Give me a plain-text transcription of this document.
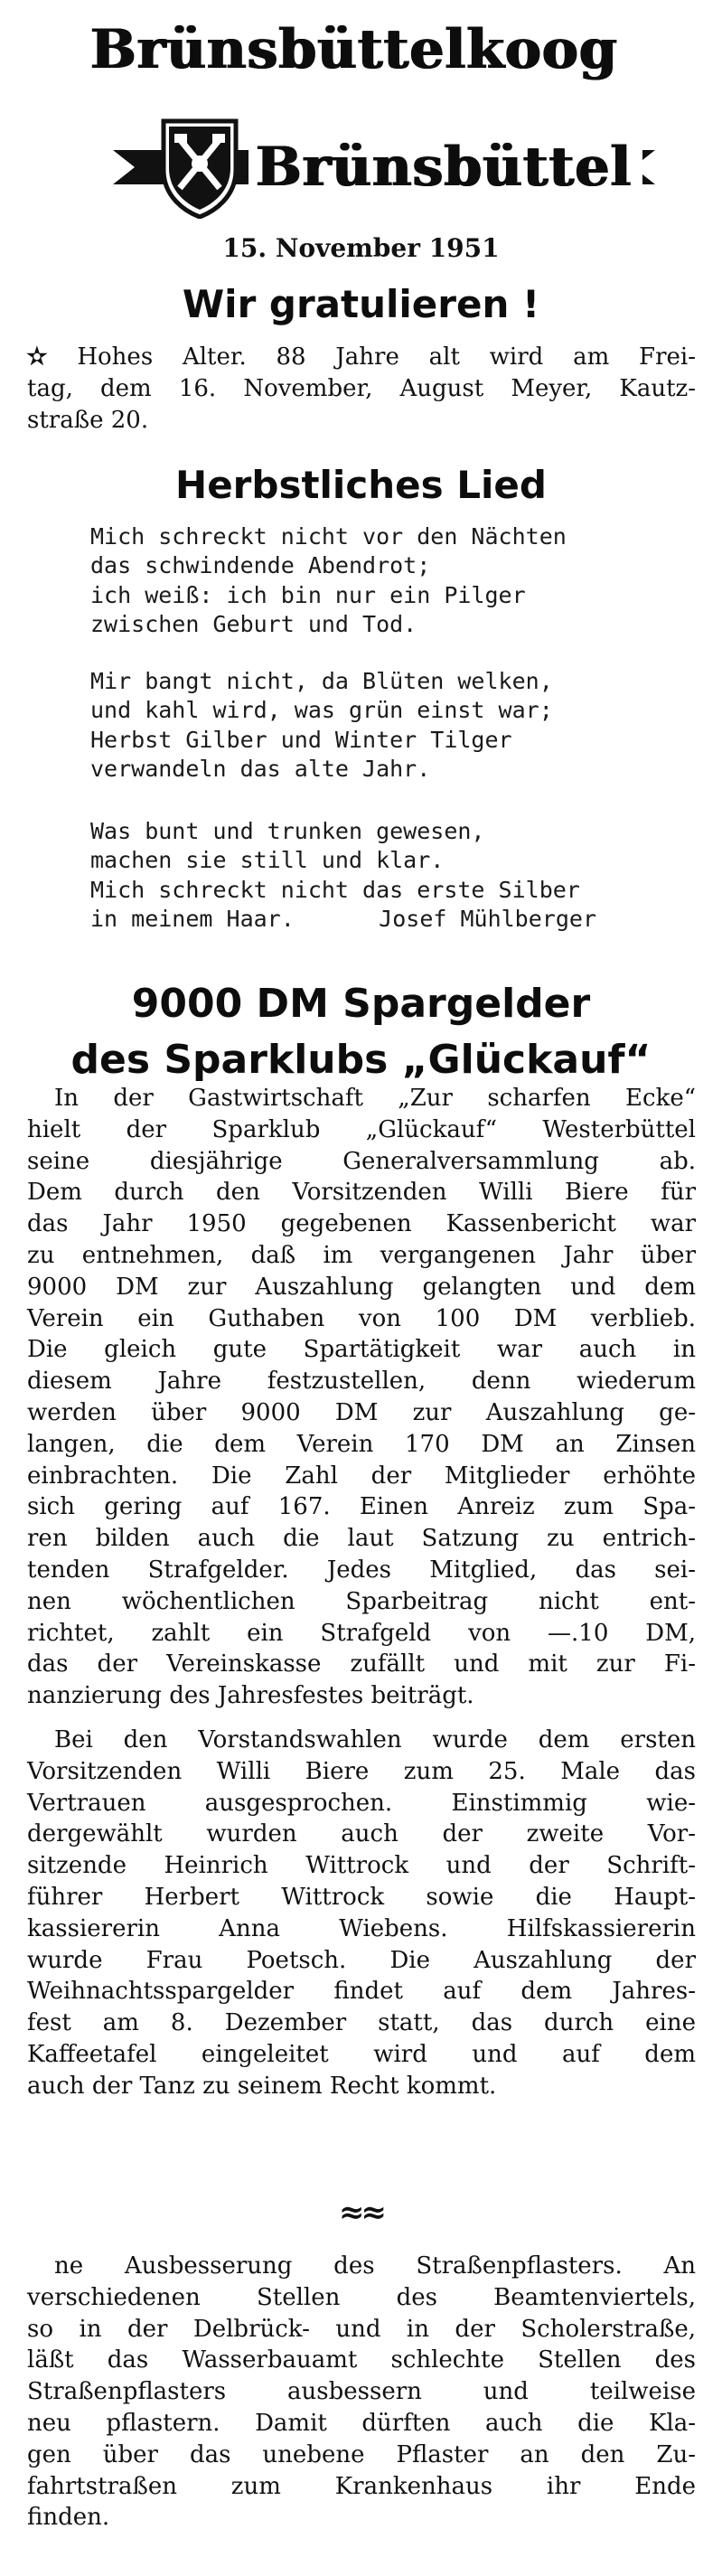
Brünsbüttelkoog
Brünsbüttel
15. November 1951
Wir gratulieren !
✫ Hohes Alter. 88 Jahre alt wird am Frei-
tag, dem 16. November, August Meyer, Kautz-
straße 20.
Herbstliches Lied
Mich schreckt nicht vor den Nächten
das schwindende Abendrot;
ich weiß: ich bin nur ein Pilger
zwischen Geburt und Tod.
Mir bangt nicht, da Blüten welken,
und kahl wird, was grün einst war;
Herbst Gilber und Winter Tilger
verwandeln das alte Jahr.
Was bunt und trunken gewesen,
machen sie still und klar.
Mich schreckt nicht das erste Silber
in meinem Haar.	Josef Mühlberger
9000 DM Spargelder
des Sparklubs „Glückauf“
In der Gastwirtschaft „Zur scharfen Ecke“
hielt der Sparklub „Glückauf“ Westerbüttel
seine diesjährige Generalversammlung ab.
Dem durch den Vorsitzenden Willi Biere für
das Jahr 1950 gegebenen Kassenbericht war
zu entnehmen, daß im vergangenen Jahr über
9000 DM zur Auszahlung gelangten und dem
Verein ein Guthaben von 100 DM verblieb.
Die gleich gute Spartätigkeit war auch in
diesem Jahre festzustellen, denn wiederum
werden über 9000 DM zur Auszahlung ge-
langen, die dem Verein 170 DM an Zinsen
einbrachten. Die Zahl der Mitglieder erhöhte
sich gering auf 167. Einen Anreiz zum Spa-
ren bilden auch die laut Satzung zu entrich-
tenden Strafgelder. Jedes Mitglied, das sei-
nen wöchentlichen Sparbeitrag nicht ent-
richtet, zahlt ein Strafgeld von —.10 DM,
das der Vereinskasse zufällt und mit zur Fi-
nanzierung des Jahresfestes beiträgt.
Bei den Vorstandswahlen wurde dem ersten
Vorsitzenden Willi Biere zum 25. Male das
Vertrauen ausgesprochen. Einstimmig wie-
dergewählt wurden auch der zweite Vor-
sitzende Heinrich Wittrock und der Schrift-
führer Herbert Wittrock sowie die Haupt-
kassiererin Anna Wiebens. Hilfskassiererin
wurde Frau Poetsch. Die Auszahlung der
Weihnachtsspargelder findet auf dem Jahres-
fest am 8. Dezember statt, das durch eine
Kaffeetafel eingeleitet wird und auf dem
auch der Tanz zu seinem Recht kommt.
≈≈
ne Ausbesserung des Straßenpflasters. An
verschiedenen Stellen des Beamtenviertels,
so in der Delbrück- und in der Scholerstraße,
läßt das Wasserbauamt schlechte Stellen des
Straßenpflasters ausbessern und teilweise
neu pflastern. Damit dürften auch die Kla-
gen über das unebene Pflaster an den Zu-
fahrtstraßen zum Krankenhaus ihr Ende
finden.
